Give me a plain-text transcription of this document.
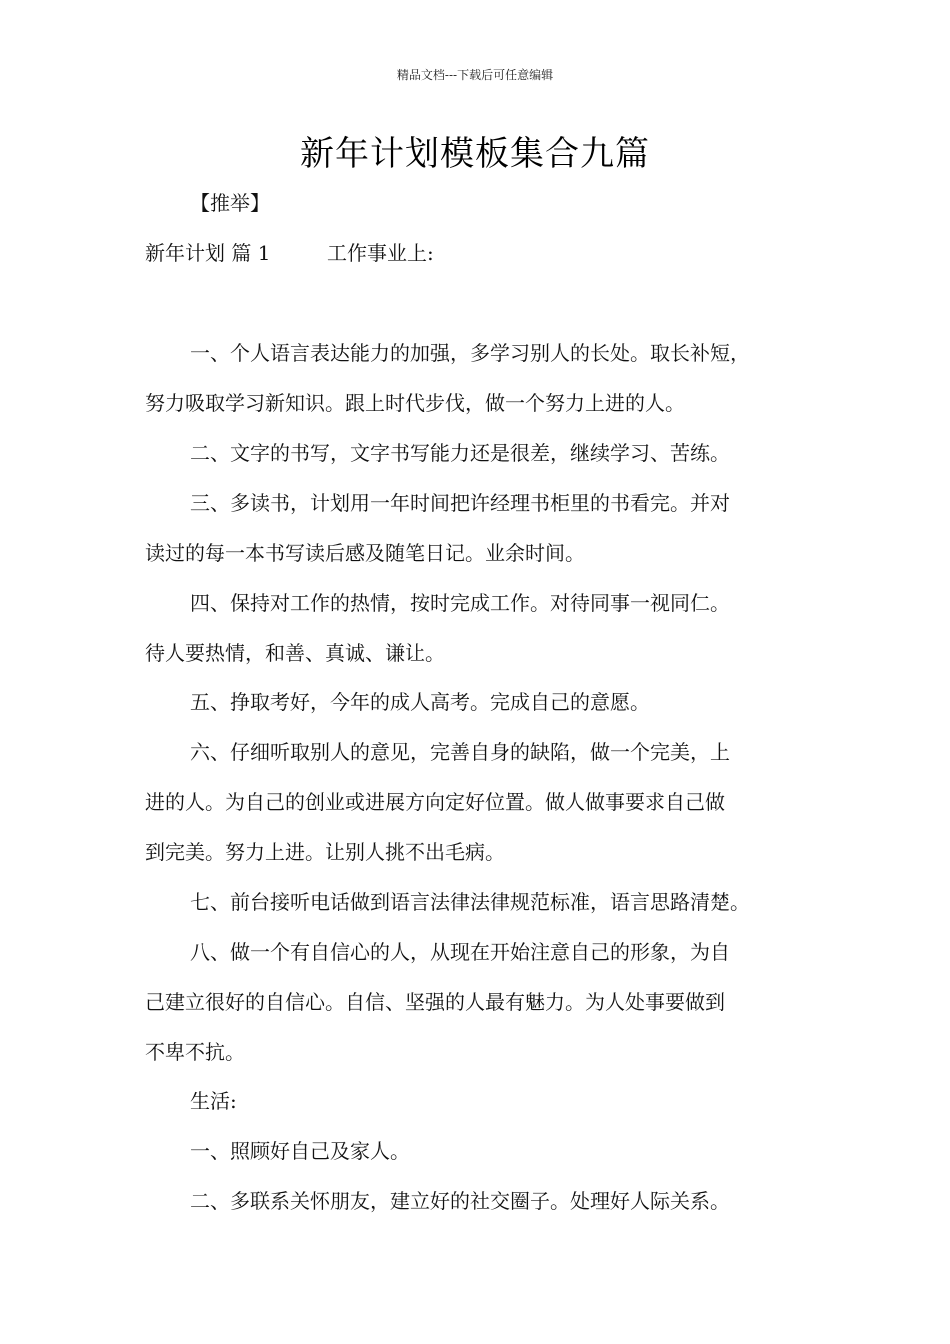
精品文档---下载后可任意编辑
新年计划模板集合九篇
【推举】
新年计划 篇 1	工作事业上:
一、个人语言表达能力的加强，多学习别人的长处。取长补短，
努力吸取学习新知识。跟上时代步伐，做一个努力上进的人。
二、文字的书写，文字书写能力还是很差，继续学习、苦练。
三、多读书，计划用一年时间把许经理书柜里的书看完。并对
读过的每一本书写读后感及随笔日记。业余时间。
四、保持对工作的热情，按时完成工作。对待同事一视同仁。
待人要热情，和善、真诚、谦让。
五、挣取考好，今年的成人高考。完成自己的意愿。
六、仔细听取别人的意见，完善自身的缺陷，做一个完美，上
进的人。为自己的创业或进展方向定好位置。做人做事要求自己做
到完美。努力上进。让别人挑不出毛病。
七、前台接听电话做到语言法律法律规范标准，语言思路清楚。
八、做一个有自信心的人，从现在开始注意自己的形象，为自
己建立很好的自信心。自信、坚强的人最有魅力。为人处事要做到
不卑不抗。
生活:
一、照顾好自己及家人。
二、多联系关怀朋友，建立好的社交圈子。处理好人际关系。
